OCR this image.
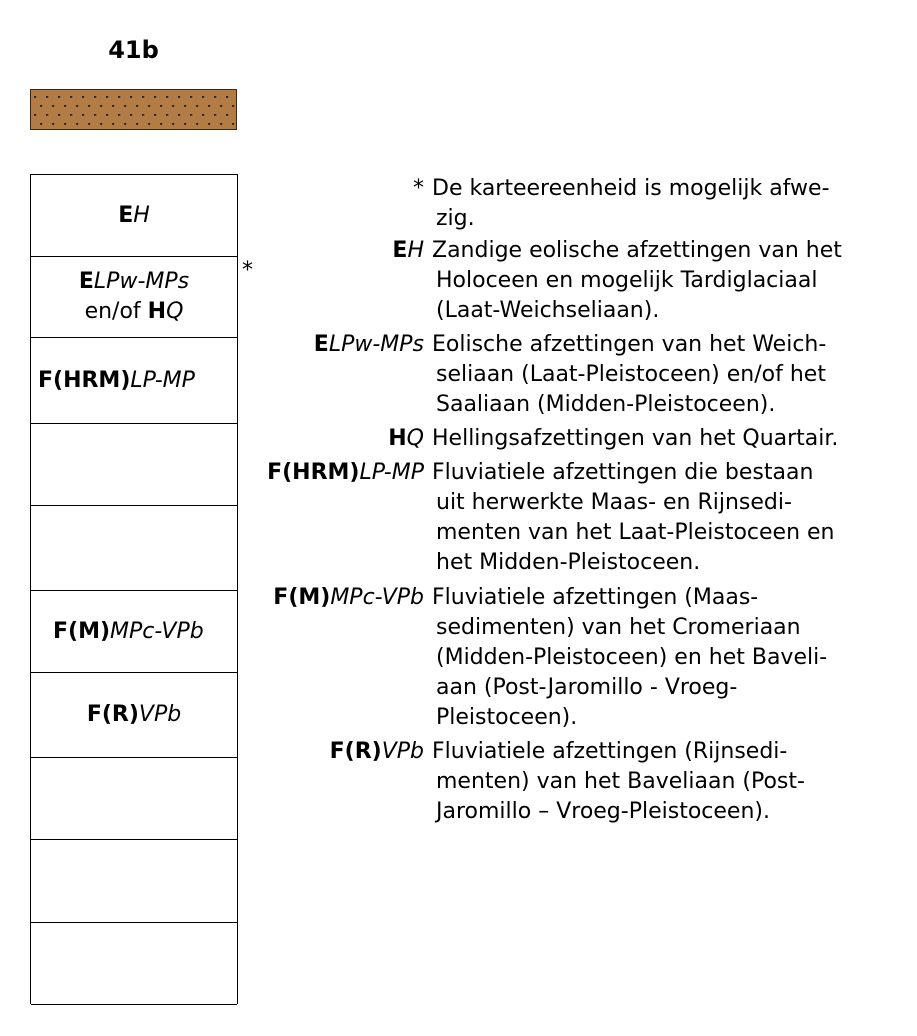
41b
EH
ELPw-MPs
en/of HQ
F(HRM)LP-MP
F(M)MPc-VPb
F(R)VPb
*
* De karteereenheid is mogelijk afwe-
zig.
EH Zandige eolische afzettingen van het
Holoceen en mogelijk Tardiglaciaal
(Laat-Weichseliaan).
ELPw-MPs Eolische afzettingen van het Weich-
seliaan (Laat-Pleistoceen) en/of het
Saaliaan (Midden-Pleistoceen).
HQ Hellingsafzettingen van het Quartair.
F(HRM)LP-MP Fluviatiele afzettingen die bestaan
uit herwerkte Maas- en Rijnsedi-
menten van het Laat-Pleistoceen en
het Midden-Pleistoceen.
F(M)MPc-VPb Fluviatiele afzettingen (Maas-
sedimenten) van het Cromeriaan
(Midden-Pleistoceen) en het Baveli-
aan (Post-Jaromillo - Vroeg-
Pleistoceen).
F(R)VPb Fluviatiele afzettingen (Rijnsedi-
menten) van het Baveliaan (Post-
Jaromillo – Vroeg-Pleistoceen).
